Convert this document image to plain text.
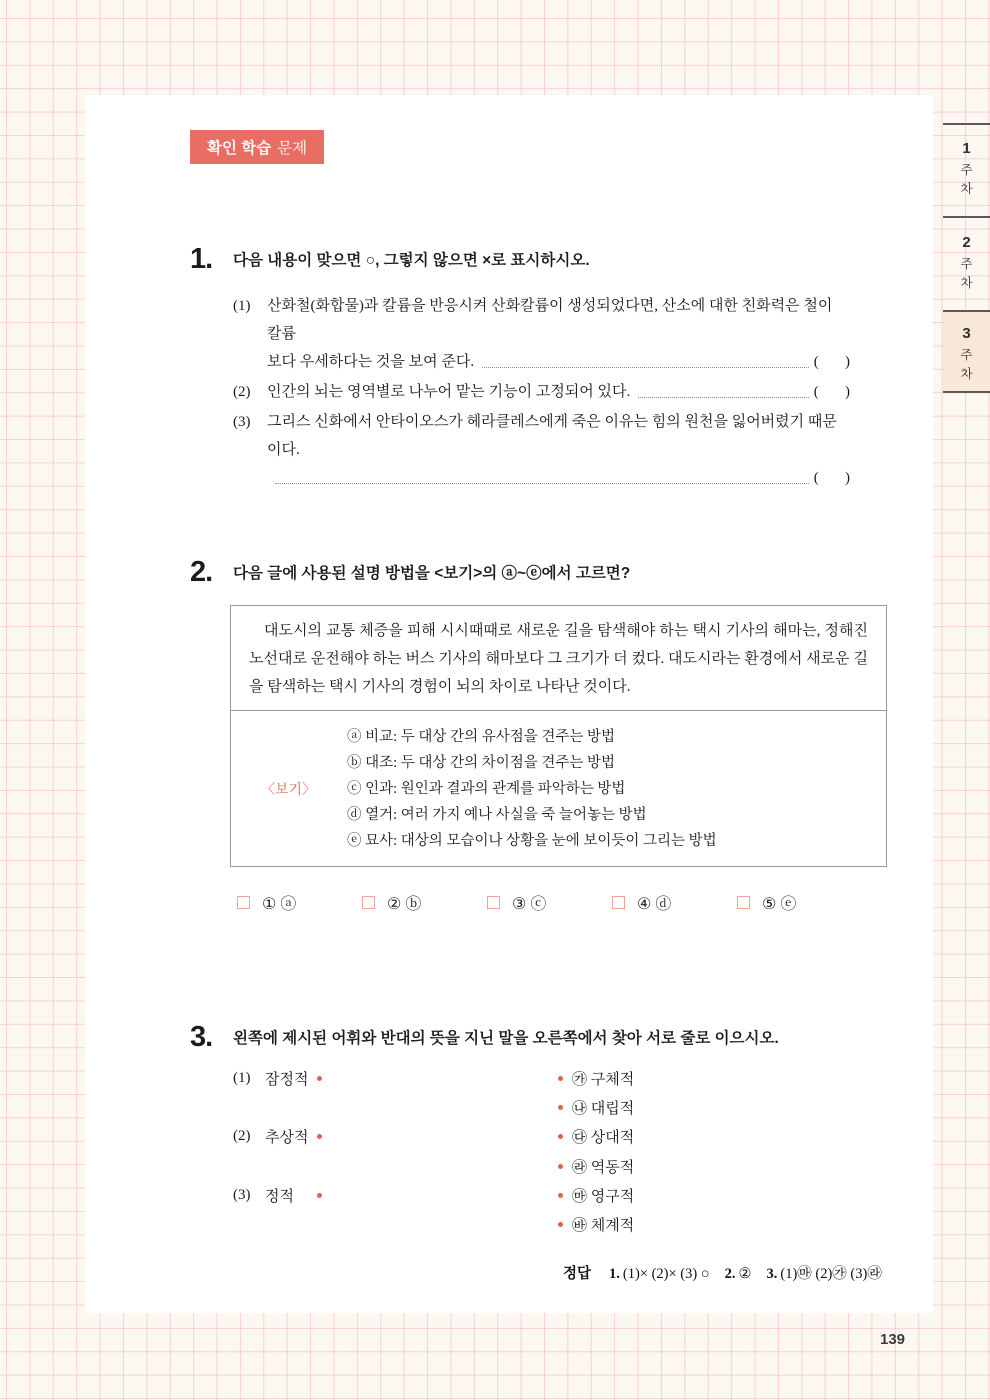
1
주차
2
주차
3
주차
확인 학습 문제
1.	다음 내용이 맞으면 ○, 그렇지 않으면 ×로 표시하시오.
(1)	산화철(화합물)과 칼륨을 반응시켜 산화칼륨이 생성되었다면, 산소에 대한 친화력은 철이 칼륨
보다 우세하다는 것을 보여 준다.	(       )
(2)	인간의 뇌는 영역별로 나누어 맡는 기능이 고정되어 있다.	(       )
(3)	그리스 신화에서 안타이오스가 헤라클레스에게 죽은 이유는 힘의 원천을 잃어버렸기 때문이다.
(       )
2.	다음 글에 사용된 설명 방법을 <보기>의 ⓐ~ⓔ에서 고르면?
대도시의 교통 체증을 피해 시시때때로 새로운 길을 탐색해야 하는 택시 기사의 해마는, 정해진 노선대로 운전해야 하는 버스 기사의 해마보다 그 크기가 더 컸다. 대도시라는 환경에서 새로운 길을 탐색하는 택시 기사의 경험이 뇌의 차이로 나타난 것이다.
〈보기〉
ⓐ 비교: 두 대상 간의 유사점을 견주는 방법
ⓑ 대조: 두 대상 간의 차이점을 견주는 방법
ⓒ 인과: 원인과 결과의 관계를 파악하는 방법
ⓓ 열거: 여러 가지 예나 사실을 죽 늘어놓는 방법
ⓔ 묘사: 대상의 모습이나 상황을 눈에 보이듯이 그리는 방법
① ⓐ	② ⓑ	③ ⓒ	④ ⓓ	⑤ ⓔ
3.	왼쪽에 제시된 어휘와 반대의 뜻을 지닌 말을 오른쪽에서 찾아 서로 줄로 이으시오.
(1) 잠정적
(2) 추상적
(3) 정적
㉮ 구체적
㉯ 대립적
㉰ 상대적
㉱ 역동적
㉲ 영구적
㉳ 체계적
정답 1. (1)× (2)× (3) ○ 2. ② 3. (1)㉲ (2)㉮ (3)㉱
139
